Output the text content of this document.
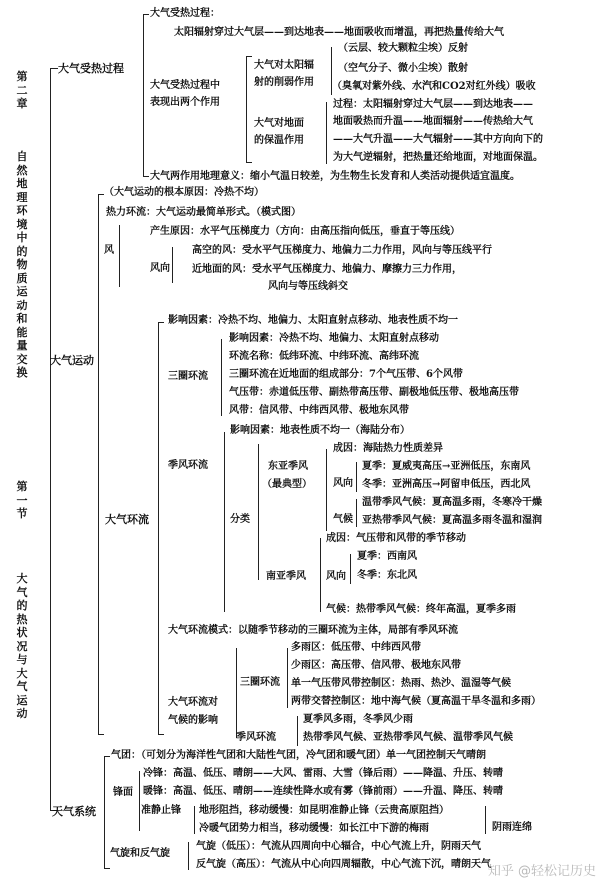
第二章
自然地理环境中的物质运动和能量交换
第一节
大气的热状况与大气运动
大气受热过程
大气受热过程：
太阳辐射穿过大气层——到达地表——地面吸收而增温，再把热量传给大气
大气受热过程中
表现出两个作用
大气对太阳辐
射的削弱作用
（云层、较大颗粒尘埃）反射
（空气分子、微小尘埃）散射
（臭氧对紫外线、水汽和CO2对红外线）吸收
大气对地面
的保温作用
过程：太阳辐射穿过大气层——到达地表——
地面吸热而升温——地面辐射——传热给大气
——大气升温——大气辐射——其中方向向下的
为大气逆辐射，把热量还给地面，对地面保温。
大气两作用地理意义：缩小气温日较差，为生物生长发育和人类活动提供适宜温度。
大气运动
（大气运动的根本原因：冷热不均）
热力环流：大气运动最简单形式。（模式图）
风
产生原因：水平气压梯度力（方向：由高压指向低压，垂直于等压线）
风向
高空的风：受水平气压梯度力、地偏力二力作用，风向与等压线平行
近地面的风：受水平气压梯度力、地偏力、摩擦力三力作用，
风向与等压线斜交
大气环流
影响因素：冷热不均、地偏力、太阳直射点移动、地表性质不均一
三圈环流
影响因素：冷热不均、地偏力、太阳直射点移动
环流名称：低纬环流、中纬环流、高纬环流
三圈环流在近地面的组成部分：7个气压带、6个风带
气压带：赤道低压带、副热带高压带、副极地低压带、极地高压带
风带：信风带、中纬西风带、极地东风带
季风环流
影响因素：地表性质不均一（海陆分布）
分类
东亚季风
（最典型）
成因：海陆热力性质差异
风向
夏季：夏威夷高压→亚洲低压，东南风
冬季：亚洲高压→阿留申低压，西北风
气候
温带季风气候：夏高温多雨，冬寒冷干燥
亚热带季风气候：夏高温多雨冬温和湿润
南亚季风
成因：气压带和风带的季节移动
风向
夏季：西南风
冬季：东北风
气候：热带季风气候：终年高温，夏季多雨
大气环流模式：以随季节移动的三圈环流为主体，局部有季风环流
大气环流对
气候的影响
三圈环流
多雨区：低压带、中纬西风带
少雨区：高压带、信风带、极地东风带
单一气压带风带控制区：热雨、热沙、温湿等气候
两带交替控制区：地中海气候（夏高温干旱冬温和多雨）
季风环流
夏季风多雨，冬季风少雨
热带季风气候、亚热带季风气候、温带季风气候
天气系统
气团：（可划分为海洋性气团和大陆性气团，冷气团和暖气团）单一气团控制天气晴朗
锋面
冷锋：高温、低压、晴朗——大风、雷雨、大雪（锋后雨）——降温、升压、转晴
暖锋：高温、低压、晴朗——连续性降水或有雾（锋前雨）——升温、降压、转晴
准静止锋 地形阻挡，移动缓慢：如昆明准静止锋（云贵高原阻挡）
冷暖气团势力相当，移动缓慢：如长江中下游的梅雨	阴雨连绵
气旋和反气旋
气旋（低压）：气流从四周向中心辐合，中心气流上升，阴雨天气
反气旋（高压）：气流从中心向四周辐散，中心气流下沉，晴朗天气
知乎 @轻松记历史
